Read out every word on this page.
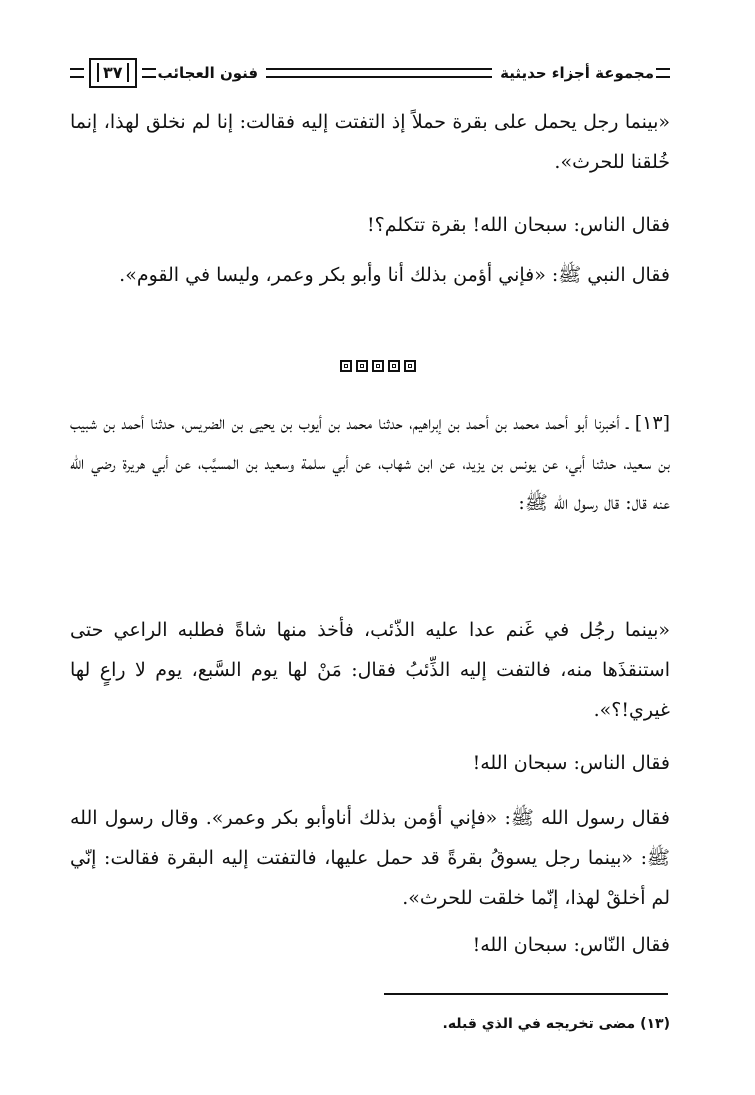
مجموعة أجزاء حديثية
فنون العجائب
٣٧

«بينما رجل يحمل على بقرة حملاً إذ التفتت إليه فقالت: إنا لم نخلق لهذا، إنما خُلقنا للحرث».

فقال الناس: سبحان الله! بقرة تتكلم؟!

فقال النبي ﷺ: «فإني أؤمن بذلك أنا وأبو بكر وعمر، وليسا في القوم».

[١٣] ـ أخبرنا أبو أحمد محمد بن أحمد بن إبراهيم، حدثنا محمد بن أيوب بن يحيى بن الضريس، حدثنا أحمد بن شبيب بن سعيد، حدثنا أبي، عن يونس بن يزيد، عن ابن شهاب، عن أبي سلمة وسعيد بن المسيَّب، عن أبي هريرة رضي الله عنه قال: قال رسول الله ﷺ:

«بينما رجُل في غَنم عدا عليه الذّئب، فأخذ منها شاةً فطلبه الراعي حتى استنقذَها منه، فالتفت إليه الذِّئبُ فقال: مَنْ لها يوم السَّبع، يوم لا راعٍ لها غيري!؟».

فقال الناس: سبحان الله!

فقال رسول الله ﷺ: «فإني أؤمن بذلك أناوأبو بكر وعمر». وقال رسول الله ﷺ: «بينما رجل يسوقُ بقرةً قد حمل عليها، فالتفتت إليه البقرة فقالت: إنّي لم أخلقْ لهذا، إنّما خلقت للحرث».

فقال النّاس: سبحان الله!

(١٣) مضى تخريجه في الذي قبله.
